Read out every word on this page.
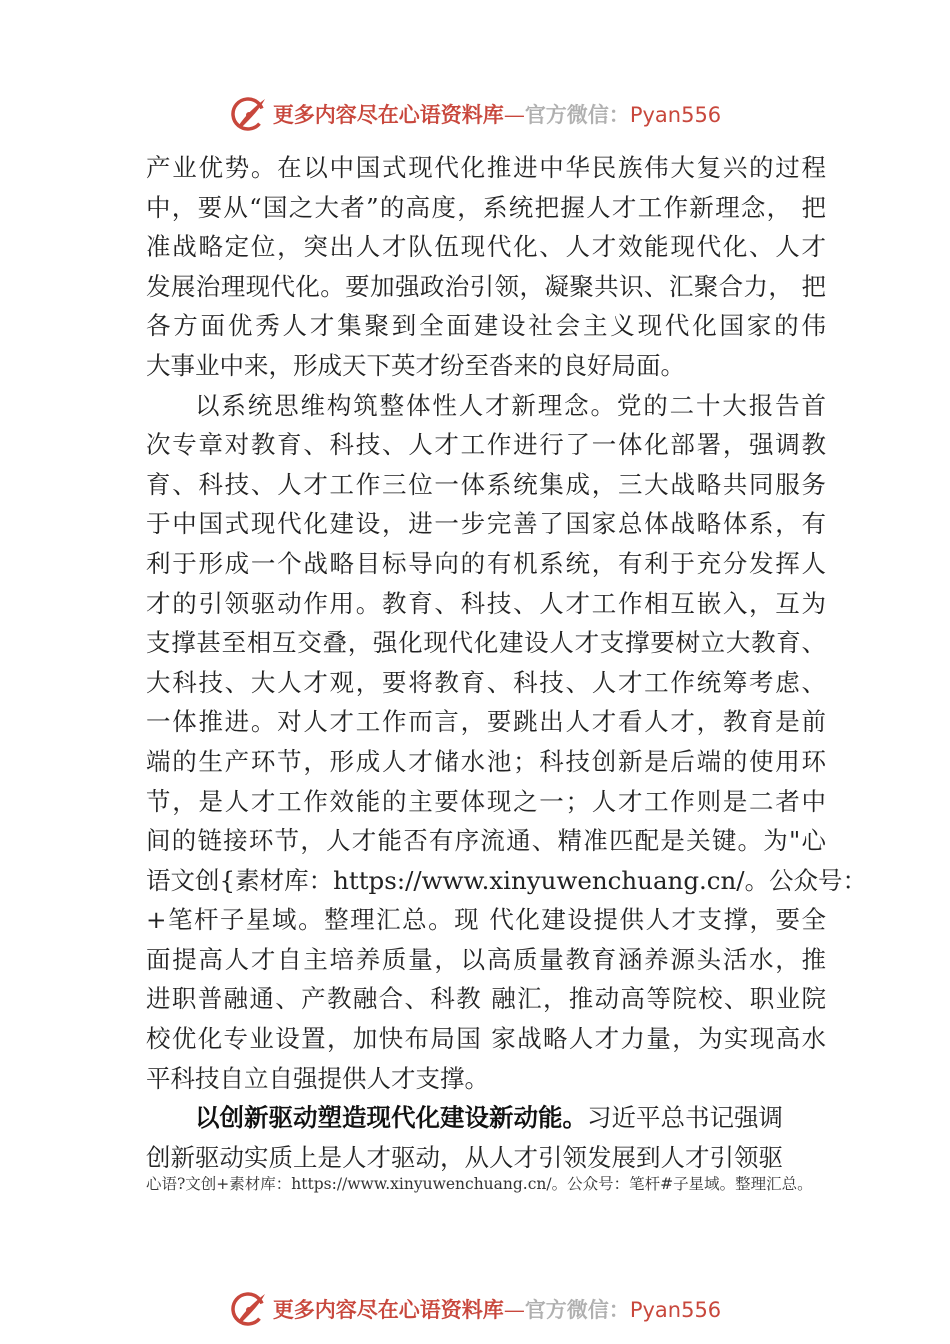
更多内容尽在心语资料库—官方微信：Pyan556
产业优势。在以中国式现代化推进中华民族伟大复兴的过程
中，要从“国之大者”的高度，系统把握人才工作新理念， 把
准战略定位，突出人才队伍现代化、人才效能现代化、人才
发展治理现代化。要加强政治引领，凝聚共识、汇聚合力， 把
各方面优秀人才集聚到全面建设社会主义现代化国家的伟
大事业中来，形成天下英才纷至沓来的良好局面。
以系统思维构筑整体性人才新理念。党的二十大报告首
次专章对教育、科技、人才工作进行了一体化部署，强调教
育、科技、人才工作三位一体系统集成，三大战略共同服务
于中国式现代化建设，进一步完善了国家总体战略体系，有
利于形成一个战略目标导向的有机系统，有利于充分发挥人
才的引领驱动作用。教育、科技、人才工作相互嵌入，互为
支撑甚至相互交叠，强化现代化建设人才支撑要树立大教育、
大科技、大人才观，要将教育、科技、人才工作统筹考虑、
一体推进。对人才工作而言，要跳出人才看人才，教育是前
端的生产环节，形成人才储水池；科技创新是后端的使用环
节，是人才工作效能的主要体现之一；人才工作则是二者中
间的链接环节，人才能否有序流通、精准匹配是关键。为"心
语文创{素材库：https://www.xinyuwenchuang.cn/。公众号：
+笔杆子星域。整理汇总。现 代化建设提供人才支撑，要全
面提高人才自主培养质量，以高质量教育涵养源头活水，推
进职普融通、产教融合、科教 融汇，推动高等院校、职业院
校优化专业设置，加快布局国 家战略人才力量，为实现高水
平科技自立自强提供人才支撑。
以创新驱动塑造现代化建设新动能。习近平总书记强调
创新驱动实质上是人才驱动，从人才引领发展到人才引领驱
心语?文创+素材库：https://www.xinyuwenchuang.cn/。公众号：笔杆#子星域。整理汇总。
更多内容尽在心语资料库—官方微信：Pyan556
